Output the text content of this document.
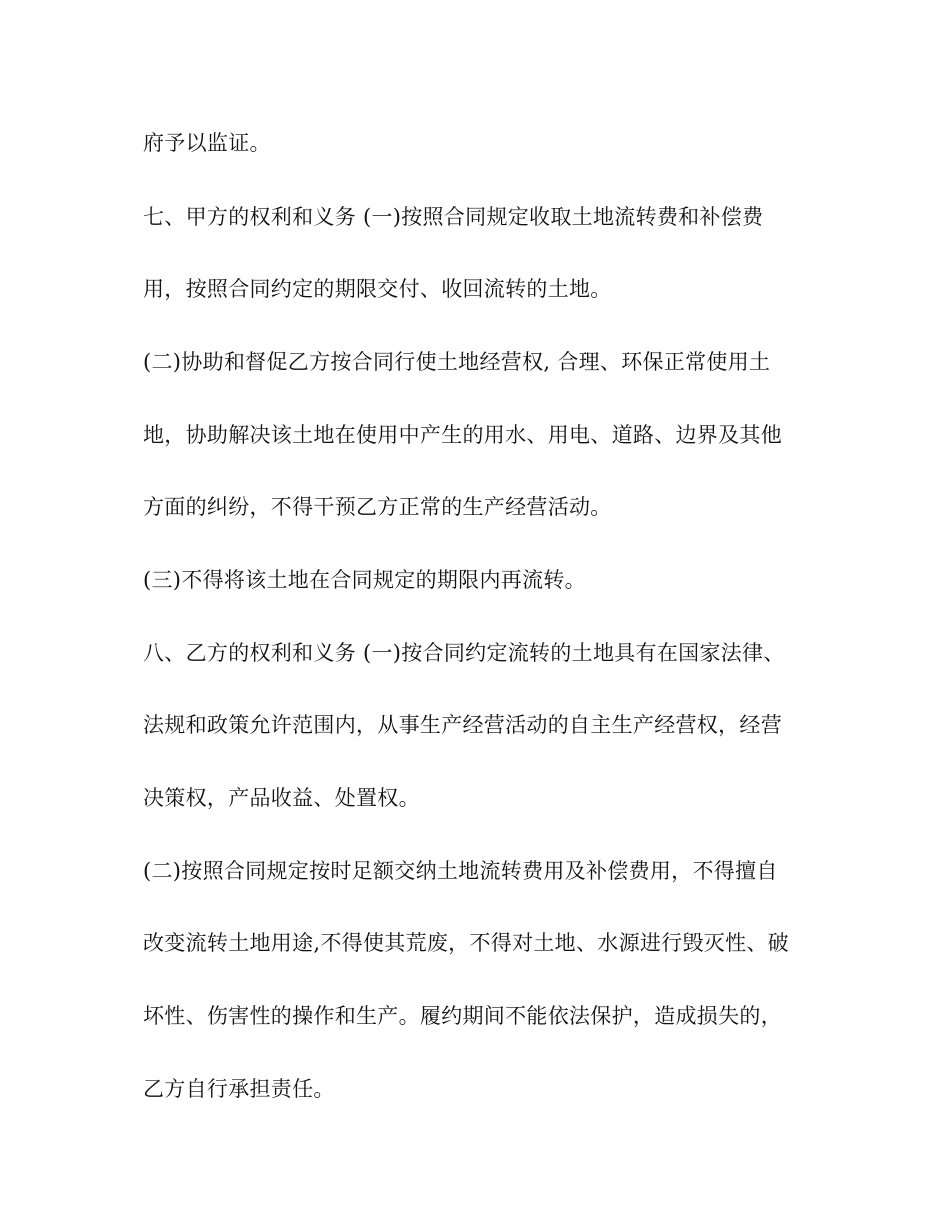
府予以监证。
七、甲方的权利和义务 (一)按照合同规定收取土地流转费和补偿费
用，按照合同约定的期限交付、收回流转的土地。
(二)协助和督促乙方按合同行使土地经营权, 合理、环保正常使用土
地，协助解决该土地在使用中产生的用水、用电、道路、边界及其他
方面的纠纷，不得干预乙方正常的生产经营活动。
(三)不得将该土地在合同规定的期限内再流转。
八、乙方的权利和义务 (一)按合同约定流转的土地具有在国家法律、
法规和政策允许范围内，从事生产经营活动的自主生产经营权，经营
决策权，产品收益、处置权。
(二)按照合同规定按时足额交纳土地流转费用及补偿费用，不得擅自
改变流转土地用途,不得使其荒废，不得对土地、水源进行毁灭性、破
坏性、伤害性的操作和生产。履约期间不能依法保护，造成损失的，
乙方自行承担责任。
